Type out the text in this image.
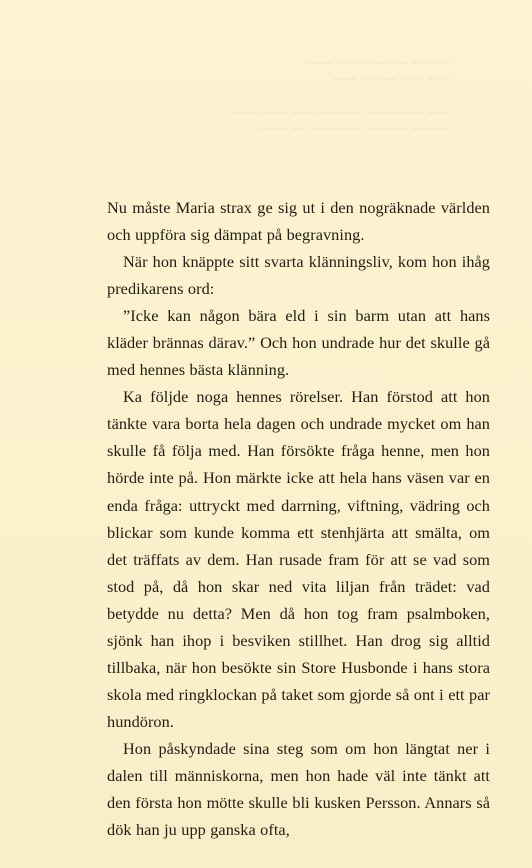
~~~~~ ~~ ~~~~~~~ ~~~~
~~~ ~~~ ~~~~~ ~~~
~~~ ~~~~ ~~~ ~~~~~~ ~~~ ~~~~ ~~~
~~~~~ ~~~ ~~ ~~~~~~~ ~~ ~~~~

Nu måste Maria strax ge sig ut i den nogräknade världen och uppföra sig dämpat på begravning.

När hon knäppte sitt svarta klänningsliv, kom hon ihåg predikarens ord:

”Icke kan någon bära eld i sin barm utan att hans kläder brännas därav.” Och hon undrade hur det skulle gå med hennes bästa klänning.

Ka följde noga hennes rörelser. Han förstod att hon tänkte vara borta hela dagen och undrade mycket om han skulle få följa med. Han försökte fråga henne, men hon hörde inte på. Hon märkte icke att hela hans väsen var en enda fråga: uttryckt med darrning, viftning, vädring och blickar som kunde komma ett stenhjärta att smälta, om det träffats av dem. Han rusade fram för att se vad som stod på, då hon skar ned vita liljan från trädet: vad betydde nu detta? Men då hon tog fram psalmboken, sjönk han ihop i besviken stillhet. Han drog sig alltid tillbaka, när hon besökte sin Store Husbonde i hans stora skola med ringklockan på taket som gjorde så ont i ett par hundöron.

Hon påskyndade sina steg som om hon längtat ner i dalen till människorna, men hon hade väl inte tänkt att den första hon mötte skulle bli kusken Persson. Annars så dök han ju upp ganska ofta,
